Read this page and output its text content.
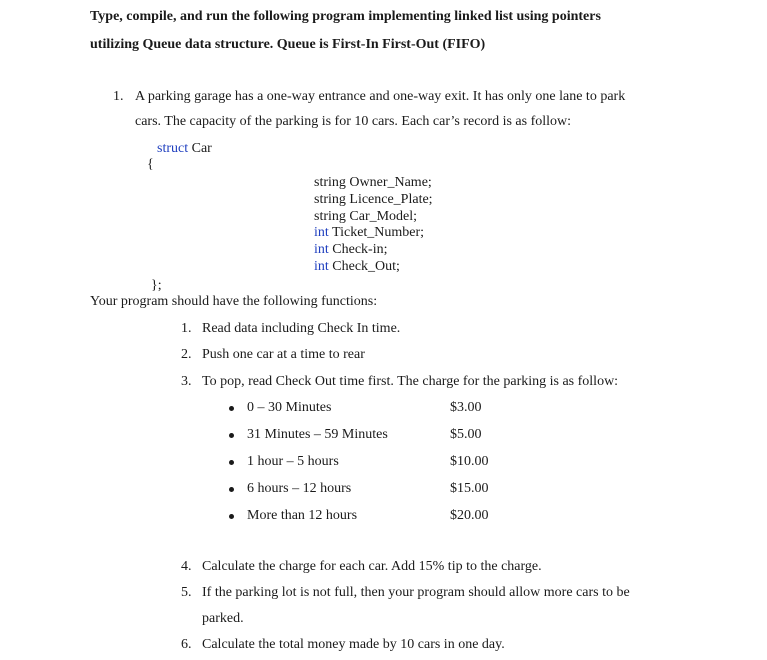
Type, compile, and run the following program implementing linked list using pointers
utilizing Queue data structure. Queue is First-In First-Out (FIFO)
1. A parking garage has a one-way entrance and one-way exit. It has only one lane to park
cars. The capacity of the parking is for 10 cars. Each car’s record is as follow:
struct Car
{
string Owner_Name;
string Licence_Plate;
string Car_Model;
int Ticket_Number;
int Check-in;
int Check_Out;
};
Your program should have the following functions:
1. Read data including Check In time.
2. Push one car at a time to rear
3. To pop, read Check Out time first. The charge for the parking is as follow:
0 – 30 Minutes	$3.00
31 Minutes – 59 Minutes	$5.00
1 hour – 5 hours	$10.00
6 hours – 12 hours	$15.00
More than 12 hours	$20.00
4. Calculate the charge for each car. Add 15% tip to the charge.
5. If the parking lot is not full, then your program should allow more cars to be
parked.
6. Calculate the total money made by 10 cars in one day.
